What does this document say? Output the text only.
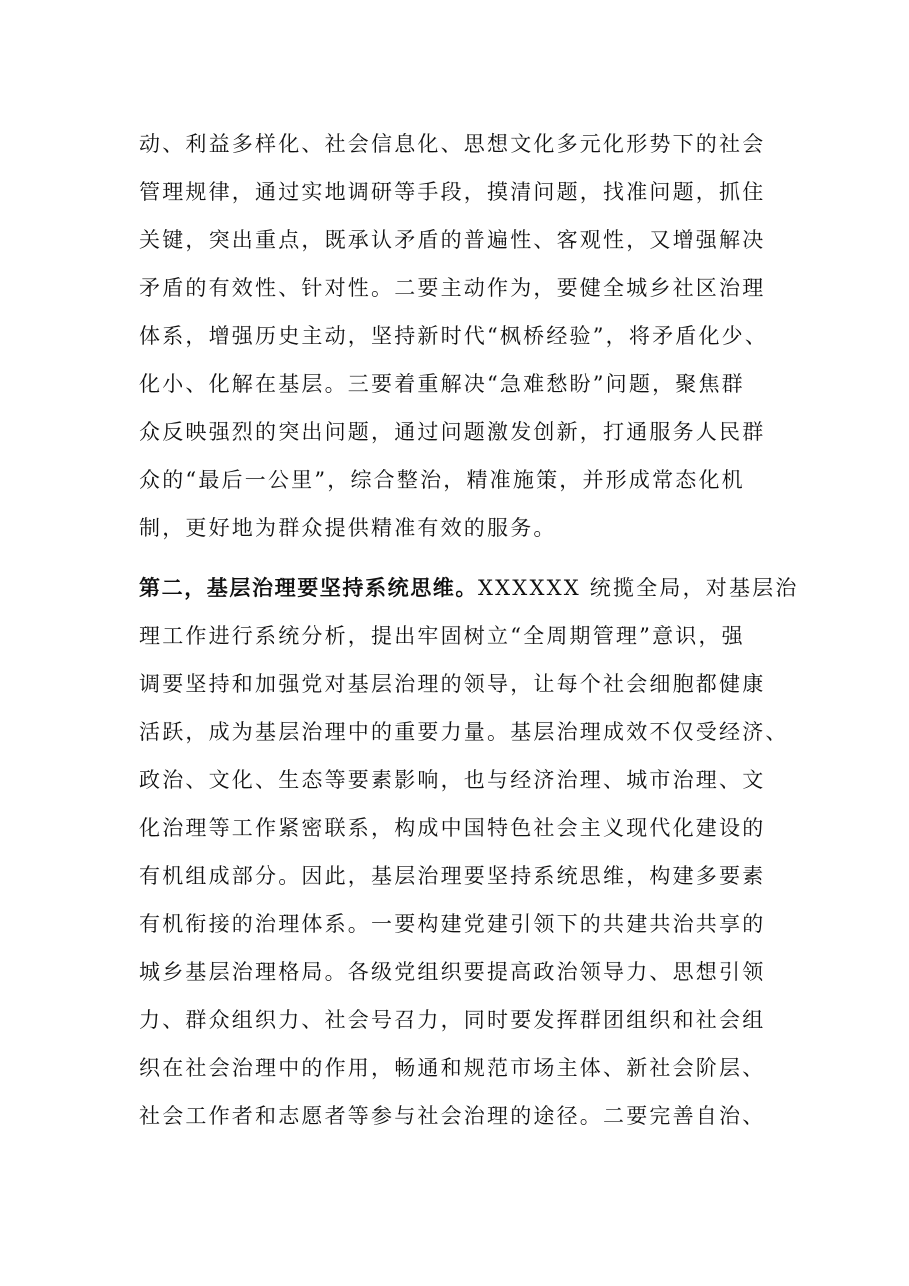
动、利益多样化、社会信息化、思想文化多元化形势下的社会
管理规律，通过实地调研等手段，摸清问题，找准问题，抓住
关键，突出重点，既承认矛盾的普遍性、客观性，又增强解决
矛盾的有效性、针对性。二要主动作为，要健全城乡社区治理
体系，增强历史主动，坚持新时代“枫桥经验”，将矛盾化少、
化小、化解在基层。三要着重解决“急难愁盼”问题，聚焦群
众反映强烈的突出问题，通过问题激发创新，打通服务人民群
众的“最后一公里”，综合整治，精准施策，并形成常态化机
制，更好地为群众提供精准有效的服务。
第二，基层治理要坚持系统思维。XXXXXX 统揽全局，对基层治
理工作进行系统分析，提出牢固树立“全周期管理”意识，强
调要坚持和加强党对基层治理的领导，让每个社会细胞都健康
活跃，成为基层治理中的重要力量。基层治理成效不仅受经济、
政治、文化、生态等要素影响，也与经济治理、城市治理、文
化治理等工作紧密联系，构成中国特色社会主义现代化建设的
有机组成部分。因此，基层治理要坚持系统思维，构建多要素
有机衔接的治理体系。一要构建党建引领下的共建共治共享的
城乡基层治理格局。各级党组织要提高政治领导力、思想引领
力、群众组织力、社会号召力，同时要发挥群团组织和社会组
织在社会治理中的作用，畅通和规范市场主体、新社会阶层、
社会工作者和志愿者等参与社会治理的途径。二要完善自治、
